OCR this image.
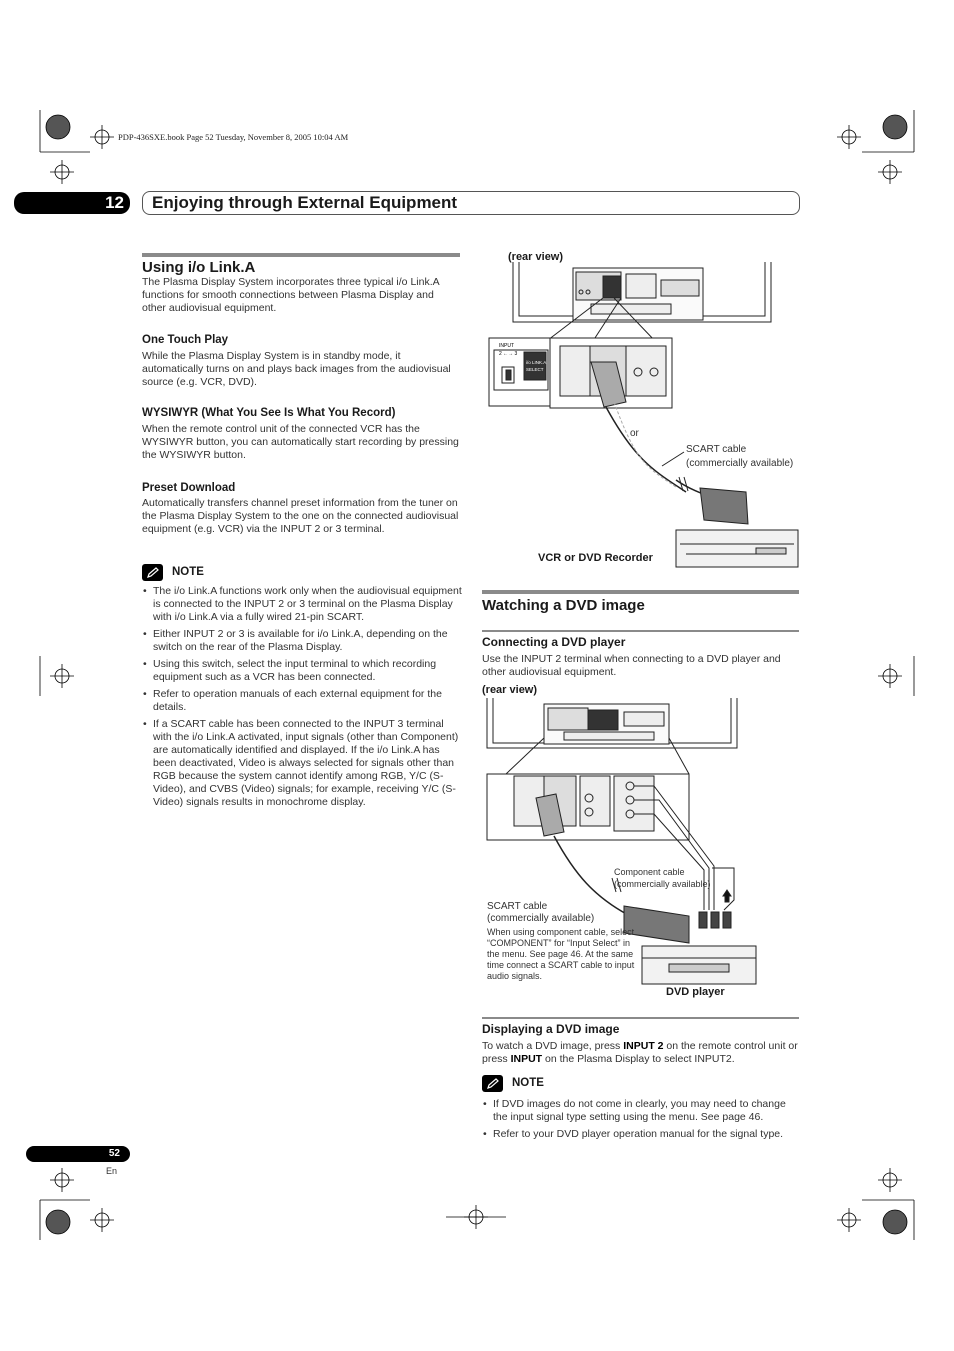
PDP-436SXE.book Page 52 Tuesday, November 8, 2005 10:04 AM
12	Enjoying through External Equipment
Using i/o Link.A

The Plasma Display System incorporates three typical i/o Link.A functions for smooth connections between Plasma Display and other audiovisual equipment.

One Touch Play

While the Plasma Display System is in standby mode, it automatically turns on and plays back images from the audiovisual source (e.g. VCR, DVD).

WYSIWYR (What You See Is What You Record)

When the remote control unit of the connected VCR has the WYSIWYR button, you can automatically start recording by pressing the WYSIWYR button.

Preset Download

Automatically transfers channel preset information from the tuner on the Plasma Display System to the one on the connected audiovisual equipment (e.g. VCR) via the INPUT 2 or 3 terminal.

NOTE
• The i/o Link.A functions work only when the audiovisual equipment is connected to the INPUT 2 or 3 terminal on the Plasma Display with i/o Link.A via a fully wired 21-pin SCART.
• Either INPUT 2 or 3 is available for i/o Link.A, depending on the switch on the rear of the Plasma Display.
• Using this switch, select the input terminal to which recording equipment such as a VCR has been connected.
• Refer to operation manuals of each external equipment for the details.
• If a SCART cable has been connected to the INPUT 3 terminal with the i/o Link.A activated, input signals (other than Component) are automatically identified and displayed. If the i/o Link.A has been deactivated, Video is always selected for signals other than RGB because the system cannot identify among RGB, Y/C (S-Video), and CVBS (Video) signals; for example, receiving Y/C (S-Video) signals results in monochrome display.
(rear view)
INPUT
2 ←→ 3
i/o LINK.A
SELECT
or
SCART cable
(commercially available)
VCR or DVD Recorder
Watching a DVD image
Connecting a DVD player

Use the INPUT 2 terminal when connecting to a DVD player and other audiovisual equipment.

(rear view)
Component cable
(commercially available)
SCART cable
(commercially available)
When using component cable, select “COMPONENT” for “Input Select” in the menu. See page 46. At the same time connect a SCART cable to input audio signals.
DVD player
Displaying a DVD image

To watch a DVD image, press INPUT 2 on the remote control unit or press INPUT on the Plasma Display to select INPUT2.

NOTE
• If DVD images do not come in clearly, you may need to change the input signal type setting using the menu. See page 46.
• Refer to your DVD player operation manual for the signal type.
52
En
